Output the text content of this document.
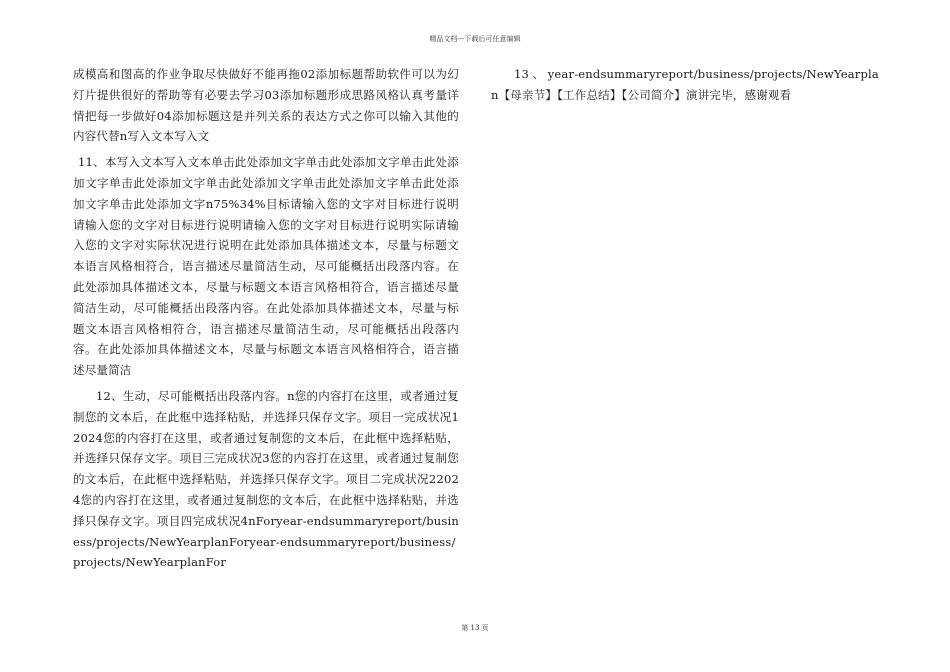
精品文档---下载后可任意编辑

成模高和图高的作业争取尽快做好不能再拖02添加标题帮助软件可以为幻灯片提供很好的帮助等有必要去学习03添加标题形成思路风格认真考量详情把每一步做好04添加标题这是并列关系的表达方式之你可以输入其他的内容代替n写入文本写入文

11、本写入文本写入文本单击此处添加文字单击此处添加文字单击此处添加文字单击此处添加文字单击此处添加文字单击此处添加文字单击此处添加文字单击此处添加文字n75%34%目标请输入您的文字对目标进行说明请输入您的文字对目标进行说明请输入您的文字对目标进行说明实际请输入您的文字对实际状况进行说明在此处添加具体描述文本，尽量与标题文本语言风格相符合，语言描述尽量简洁生动，尽可能概括出段落内容。在此处添加具体描述文本，尽量与标题文本语言风格相符合，语言描述尽量简洁生动，尽可能概括出段落内容。在此处添加具体描述文本，尽量与标题文本语言风格相符合，语言描述尽量简洁生动，尽可能概括出段落内容。在此处添加具体描述文本，尽量与标题文本语言风格相符合，语言描述尽量简洁

12、生动，尽可能概括出段落内容。n您的内容打在这里，或者通过复制您的文本后，在此框中选择粘贴，并选择只保存文字。项目一完成状况12024您的内容打在这里，或者通过复制您的文本后，在此框中选择粘贴，并选择只保存文字。项目三完成状况3您的内容打在这里，或者通过复制您的文本后，在此框中选择粘贴，并选择只保存文字。项目二完成状况22024您的内容打在这里，或者通过复制您的文本后，在此框中选择粘贴，并选择只保存文字。项目四完成状况4nForyear-endsummaryreport/business/projects/NewYearplanForyear-endsummaryreport/business/projects/NewYearplanFor

13、year-endsummaryreport/business/projects/NewYearplan【母亲节】【工作总结】【公司简介】演讲完毕，感谢观看

第 13 页
